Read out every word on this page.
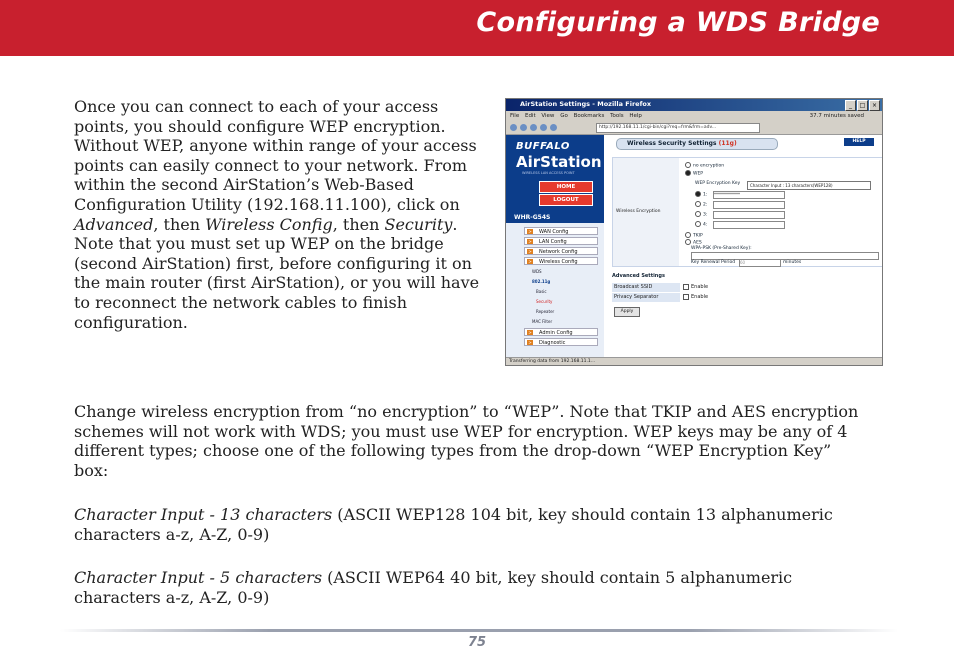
Configuring a WDS Bridge

Once you can connect to each of your access points, you should configure WEP encryption. Without WEP, anyone within range of your access points can easily connect to your network. From within the second AirStation’s Web-Based Configuration Utility (192.168.11.100), click on Advanced, then Wireless Config, then Security. Note that you must set up WEP on the bridge (second AirStation) first, before configuring it on the main router (first AirStation), or you will have to reconnect the network cables to finish configuration.

AirStation Settings - Mozilla Firefox	_	□	×
File Edit View Go Bookmarks Tools Help	37.7 minutes saved
http://192.168.11.1/cgi-bin/cgi?req=frm&frm=adv...
BUFFALO
AirStation
WIRELESS LAN ACCESS POINT
HOME
LOGOUT
WHR-G54S
> WAN Config
> LAN Config
> Network Config
> Wireless Config
WDS
802.11g
Basic
Security
Repeater
MAC Filter
> Admin Config
> Diagnostic
Wireless Security Settings (11g)	HELP
Wireless Encryption
no encryption
WEP
WEP Encryption Key	Character Input : 13 characters(WEP128)
1: *************
2:
3:
4:
TKIP
AES
WPA-PSK (Pre-Shared Key):
Key Renewal Period 60	minutes
Advanced Settings
Broadcast SSID	Enable
Privacy Separator	Enable
Apply
Transferring data from 192.168.11.1...

Change wireless encryption from “no encryption” to “WEP”. Note that TKIP and AES encryption schemes will not work with WDS; you must use WEP for encryption. WEP keys may be any of 4 different types; choose one of the following types from the drop-down “WEP Encryption Key” box:

Character Input - 13 characters (ASCII WEP128 104 bit, key should contain 13 alphanumeric characters a-z, A-Z, 0-9)

Character Input - 5 characters (ASCII WEP64 40 bit, key should contain 5 alphanumeric characters a-z, A-Z, 0-9)

75
